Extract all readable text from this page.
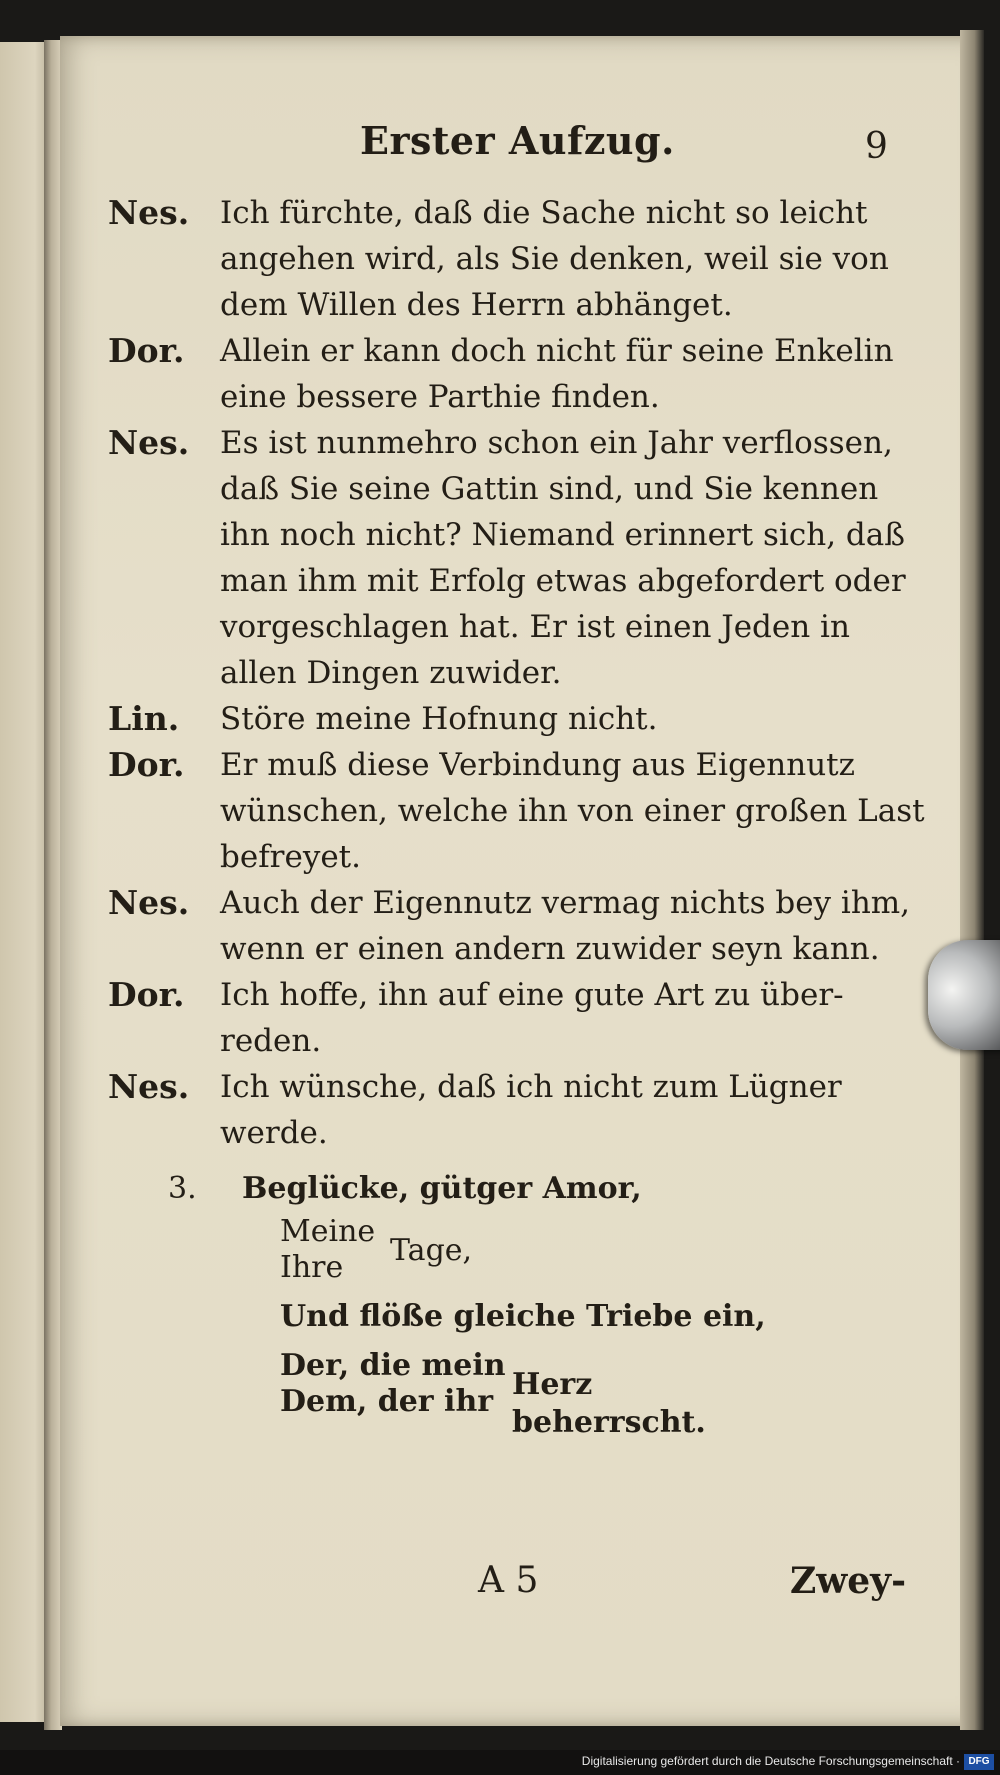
Erster Aufzug.	9
Nes. Ich fürchte, daß die Sache nicht so leicht
angehen wird, als Sie denken, weil sie von
dem Willen des Herrn abhänget.
Dor.	Allein er kann doch nicht für seine Enkelin
eine bessere Parthie finden.
Nes. Es ist nunmehro schon ein Jahr verflossen,
daß Sie seine Gattin sind, und Sie kennen
ihn noch nicht? Niemand erinnert sich, daß
man ihm mit Erfolg etwas abgefordert oder
vorgeschlagen hat. Er ist einen Jeden in
allen Dingen zuwider.
Lin.	Störe meine Hofnung nicht.
Dor.	Er muß diese Verbindung aus Eigennutz
wünschen, welche ihn von einer großen Last
befreyet.
Nes. Auch der Eigennutz vermag nichts bey ihm,
wenn er einen andern zuwider seyn kann.
Dor.	Ich hoffe, ihn auf eine gute Art zu über-
reden.
Nes. Ich wünsche, daß ich nicht zum Lügner
werde.
3. Beglücke, gütger Amor,
Meine
Ihre	Tage,
Und flöße gleiche Triebe ein,
Der, die mein
Dem, der ihr Herz beherrscht.
A 5	Zwey-
Digitalisierung gefördert durch die Deutsche Forschungsgemeinschaft · DFG
